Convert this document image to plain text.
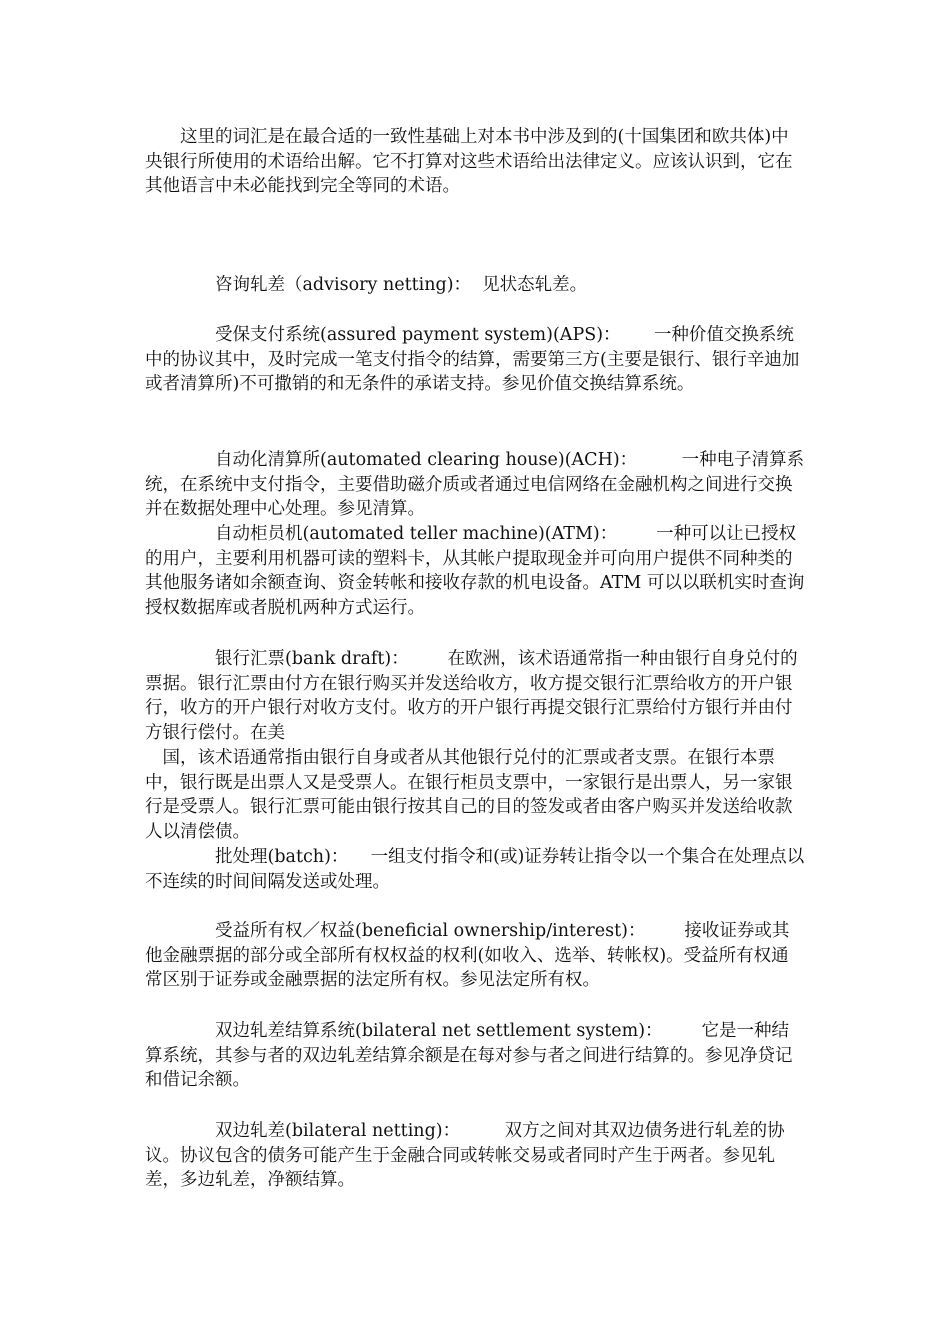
　　这里的词汇是在最合适的一致性基础上对本书中涉及到的(十国集团和欧共体)中央银行所使用的术语给出解。它不打算对这些术语给出法律定义。应该认识到，它在其他语言中未必能找到完全等同的术语。

　　　　咨询轧差（advisory netting)：  见状态轧差。

　　　　受保支付系统(assured payment system)(APS)：      一种价值交换系统中的协议其中，及时完成一笔支付指令的结算，需要第三方(主要是银行、银行辛迪加或者清算所)不可撒销的和无条件的承诺支持。参见价值交换结算系统。

　　　　自动化清算所(automated clearing house)(ACH)：        一种电子清算系统，在系统中支付指令，主要借助磁介质或者通过电信网络在金融机构之间进行交换并在数据处理中心处理。参见清算。

　　　　自动柜员机(automated teller machine)(ATM)：       一种可以让已授权的用户，主要利用机器可读的塑料卡，从其帐户提取现金并可向用户提供不同种类的其他服务诸如余额查询、资金转帐和接收存款的机电设备。ATM 可以以联机实时查询授权数据库或者脱机两种方式运行。

　　　　银行汇票(bank draft)：       在欧洲，该术语通常指一种由银行自身兑付的票据。银行汇票由付方在银行购买并发送给收方，收方提交银行汇票给收方的开户银行，收方的开户银行对收方支付。收方的开户银行再提交银行汇票给付方银行并由付方银行偿付。在美

　国，该术语通常指由银行自身或者从其他银行兑付的汇票或者支票。在银行本票中，银行既是出票人又是受票人。在银行柜员支票中，一家银行是出票人，另一家银行是受票人。银行汇票可能由银行按其自己的目的签发或者由客户购买并发送给收款人以清偿债。

　　　　批处理(batch)：    一组支付指令和(或)证券转让指令以一个集合在处理点以不连续的时间间隔发送或处理。

　　　　受益所有权／权益(beneficial ownership/interest)：       接收证券或其他金融票据的部分或全部所有权权益的权利(如收入、选举、转帐权)。受益所有权通常区别于证券或金融票据的法定所有权。参见法定所有权。

　　　　双边轧差结算系统(bilateral net settlement system)：       它是一种结算系统，其参与者的双边轧差结算余额是在每对参与者之间进行结算的。参见净贷记和借记余额。

　　　　双边轧差(bilateral netting)：        双方之间对其双边债务进行轧差的协议。协议包含的债务可能产生于金融合同或转帐交易或者同时产生于两者。参见轧差，多边轧差，净额结算。
